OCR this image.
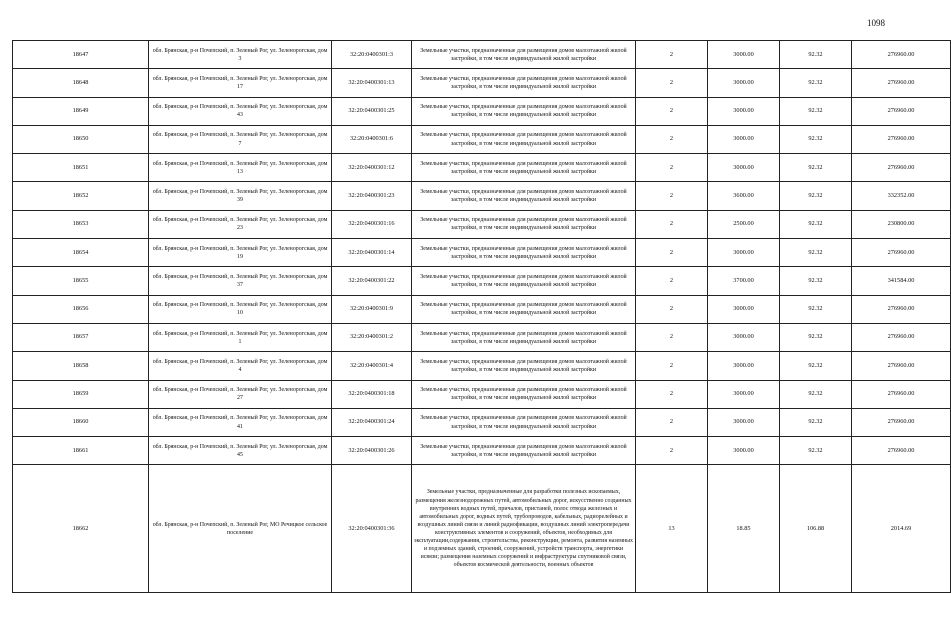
1098
18647	обл. Брянская, р-н Почепский, п. Зеленый Рог, ул. Зеленорогская, дом 3	32:20:0400301:3	Земельные участки, предназначенные для размещения домов малоэтажной жилой застройки, в том числе индивидуальной жилой застройки	2	3000.00	92.32	276960.00
18648	обл. Брянская, р-н Почепский, п. Зеленый Рог, ул. Зеленорогская, дом 17	32:20:0400301:13	Земельные участки, предназначенные для размещения домов малоэтажной жилой застройки, в том числе индивидуальной жилой застройки	2	3000.00	92.32	276960.00
18649	обл. Брянская, р-н Почепский, п. Зеленый Рог, ул. Зеленорогская, дом 43	32:20:0400301:25	Земельные участки, предназначенные для размещения домов малоэтажной жилой застройки, в том числе индивидуальной жилой застройки	2	3000.00	92.32	276960.00
18650	обл. Брянская, р-н Почепский, п. Зеленый Рог, ул. Зеленорогская, дом 7	32:20:0400301:6	Земельные участки, предназначенные для размещения домов малоэтажной жилой застройки, в том числе индивидуальной жилой застройки	2	3000.00	92.32	276960.00
18651	обл. Брянская, р-н Почепский, п. Зеленый Рог, ул. Зеленорогская, дом 13	32:20:0400301:12	Земельные участки, предназначенные для размещения домов малоэтажной жилой застройки, в том числе индивидуальной жилой застройки	2	3000.00	92.32	276960.00
18652	обл. Брянская, р-н Почепский, п. Зеленый Рог, ул. Зеленорогская, дом 39	32:20:0400301:23	Земельные участки, предназначенные для размещения домов малоэтажной жилой застройки, в том числе индивидуальной жилой застройки	2	3600.00	92.32	332352.00
18653	обл. Брянская, р-н Почепский, п. Зеленый Рог, ул. Зеленорогская, дом 23	32:20:0400301:16	Земельные участки, предназначенные для размещения домов малоэтажной жилой застройки, в том числе индивидуальной жилой застройки	2	2500.00	92.32	230800.00
18654	обл. Брянская, р-н Почепский, п. Зеленый Рог, ул. Зеленорогская, дом 19	32:20:0400301:14	Земельные участки, предназначенные для размещения домов малоэтажной жилой застройки, в том числе индивидуальной жилой застройки	2	3000.00	92.32	276960.00
18655	обл. Брянская, р-н Почепский, п. Зеленый Рог, ул. Зеленорогская, дом 37	32:20:0400301:22	Земельные участки, предназначенные для размещения домов малоэтажной жилой застройки, в том числе индивидуальной жилой застройки	2	3700.00	92.32	341584.00
18656	обл. Брянская, р-н Почепский, п. Зеленый Рог, ул. Зеленорогская, дом 10	32:20:0400301:9	Земельные участки, предназначенные для размещения домов малоэтажной жилой застройки, в том числе индивидуальной жилой застройки	2	3000.00	92.32	276960.00
18657	обл. Брянская, р-н Почепский, п. Зеленый Рог, ул. Зеленорогская, дом 1	32:20:0400301:2	Земельные участки, предназначенные для размещения домов малоэтажной жилой застройки, в том числе индивидуальной жилой застройки	2	3000.00	92.32	276960.00
18658	обл. Брянская, р-н Почепский, п. Зеленый Рог, ул. Зеленорогская, дом 4	32:20:0400301:4	Земельные участки, предназначенные для размещения домов малоэтажной жилой застройки, в том числе индивидуальной жилой застройки	2	3000.00	92.32	276960.00
18659	обл. Брянская, р-н Почепский, п. Зеленый Рог, ул. Зеленорогская, дом 27	32:20:0400301:18	Земельные участки, предназначенные для размещения домов малоэтажной жилой застройки, в том числе индивидуальной жилой застройки	2	3000.00	92.32	276960.00
18660	обл. Брянская, р-н Почепский, п. Зеленый Рог, ул. Зеленорогская, дом 41	32:20:0400301:24	Земельные участки, предназначенные для размещения домов малоэтажной жилой застройки, в том числе индивидуальной жилой застройки	2	3000.00	92.32	276960.00
18661	обл. Брянская, р-н Почепский, п. Зеленый Рог, ул. Зеленорогская, дом 45	32:20:0400301:26	Земельные участки, предназначенные для размещения домов малоэтажной жилой застройки, в том числе индивидуальной жилой застройки	2	3000.00	92.32	276960.00
18662	обл. Брянская, р-н Почепский, п. Зеленый Рог, МО Речицкое сельское поселение	32:20:0400301:36	Земельные участки, предназначенные для разработки полезных ископаемых, размещения железнодорожных путей, автомобильных дорог, искусственно созданных внутренних водных путей, причалов, пристаней, полос отвода железных и автомобильных дорог, водных путей, трубопроводов, кабельных, радиорелейных и воздушных линий связи и линий радиофикации, воздушных линий электропередачи конструктивных элементов и сооружений, объектов, необходимых для эксплуатации,содержания, строительства, реконструкции, ремонта, развития наземных и подземных зданий, строений, сооружений, устройств транспорта, энергетики исвязи; размещения наземных сооружений и инфраструктуры спутниковой связи, объектов космической деятельности, военных объектов	13	18.85	106.88	2014.69
